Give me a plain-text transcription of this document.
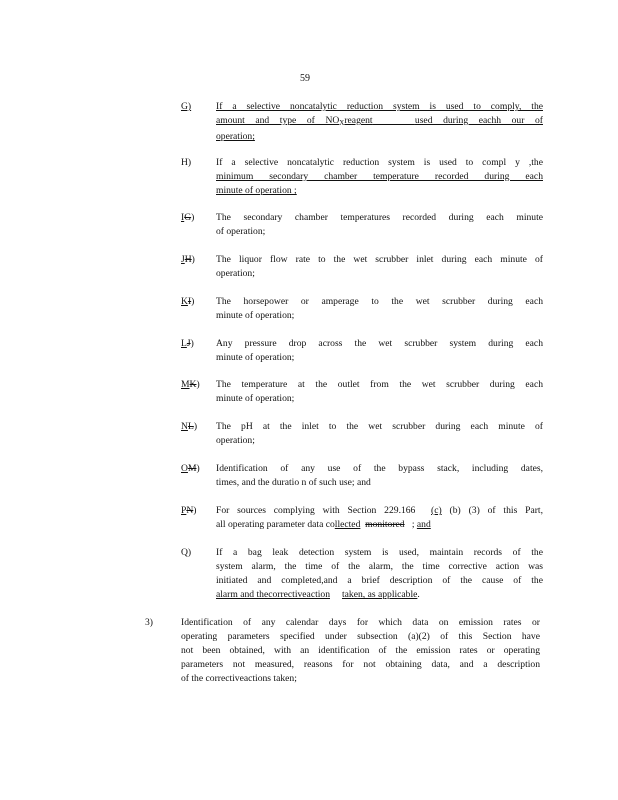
59
G)	If a selective noncatalytic reduction system is used to comply, the
amount and type of $NO_Xreagent$	used during eachh our of
operation;
H)	If a selective noncatalytic reduction system is used to compl y ,the
minimum secondary chamber temperature recorded during each
minute of operation ;
IG) The secondary chamber temperatures recorded during each minute
of operation;
JH) The liquor flow rate to the wet scrubber inlet during each minute of
operation;
KI) The horsepower or amperage to the wet scrubber during each
minute of operation;
LJ) Any pressure drop across the wet scrubber system during each
minute of operation;
MK) The temperature at the outlet from the wet scrubber during each
minute of operation;
NL) The pH at the inlet to the wet scrubber during each minute of
operation;
OM) Identification of any use of the bypass stack, including dates,
times, and the duratio n of such use; and
PN) For sources complying with Section 229.166 (c) (b) (3) of this Part,
all operating parameter data collected monitored ; and
Q)	If a bag leak detection system is used, maintain records of the
system alarm, the time of the alarm, the time corrective action was
initiated and completed,and a brief description of the cause of the
alarm and thecorrectiveaction taken, as applicable.
3)	Identification of any calendar days for which data on emission rates or
operating parameters specified under subsection (a)(2) of this Section have
not been obtained, with an identification of the emission rates or operating
parameters not measured, reasons for not obtaining data, and a description
of the correctiveactions taken;
